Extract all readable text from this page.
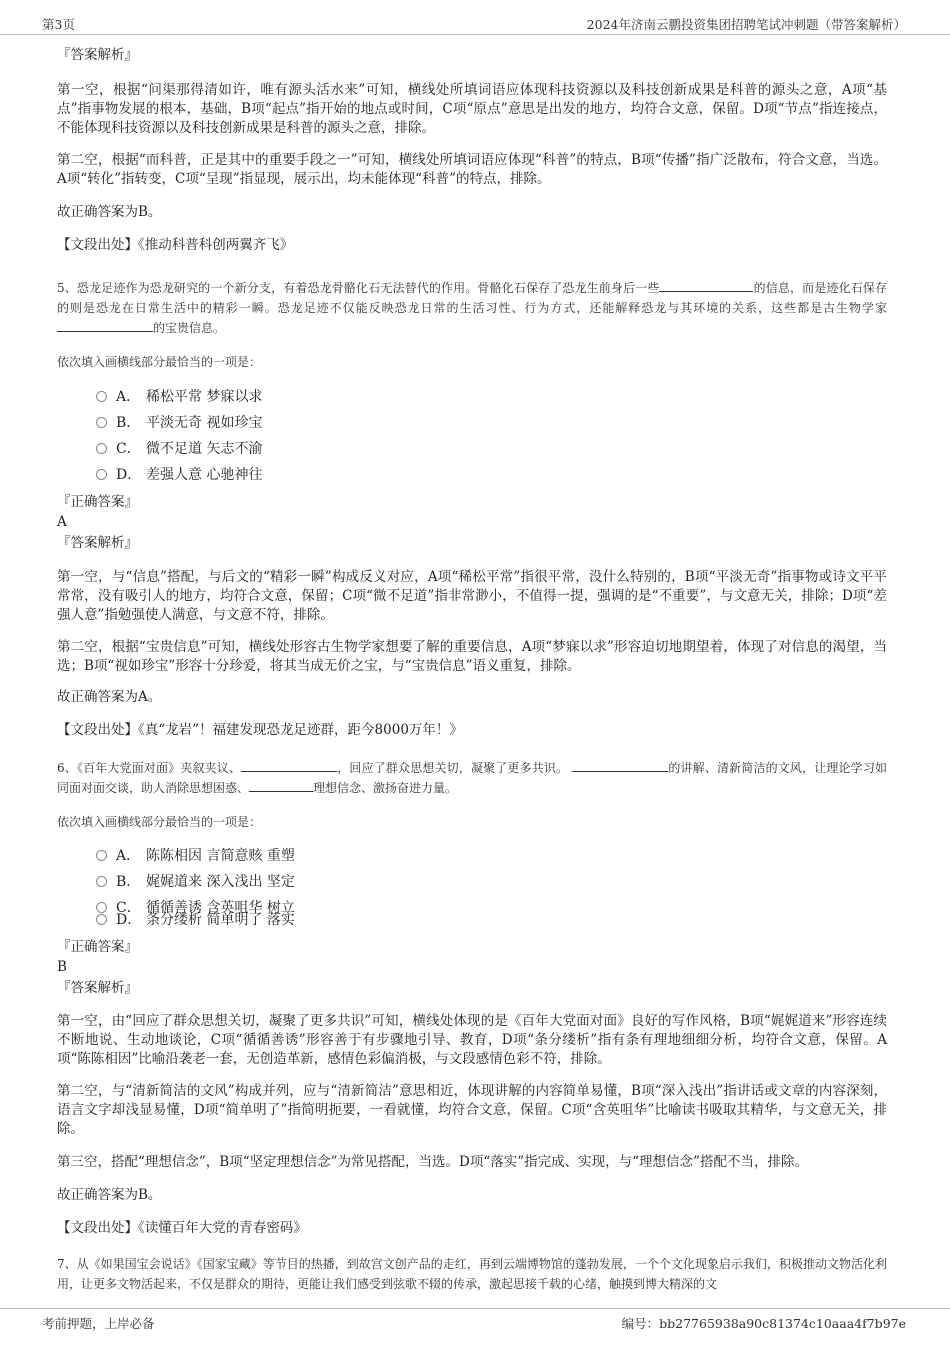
第3页	2024年济南云鹏投资集团招聘笔试冲刺题（带答案解析）
『答案解析』
第一空，根据“问渠那得清如许，唯有源头活水来”可知，横线处所填词语应体现科技资源以及科技创新成果是科普的源头之意，A项“基点”指事物发展的根本，基础，B项“起点”指开始的地点或时间，C项“原点”意思是出发的地方，均符合文意，保留。D项“节点”指连接点，不能体现科技资源以及科技创新成果是科普的源头之意，排除。
第二空，根据“而科普，正是其中的重要手段之一”可知，横线处所填词语应体现“科普”的特点，B项“传播”指广泛散布，符合文意，当选。A项“转化”指转变，C项“呈现”指显现，展示出，均未能体现“科普”的特点，排除。
故正确答案为B。
【文段出处】《推动科普科创两翼齐飞》
5、恐龙足迹作为恐龙研究的一个新分支，有着恐龙骨骼化石无法替代的作用。骨骼化石保存了恐龙生前身后一些	的信息，而是迹化石保存的则是恐龙在日常生活中的精彩一瞬。恐龙足迹不仅能反映恐龙日常的生活习性、行为方式，还能解释恐龙与其环境的关系，这些都是古生物学家的宝贵信息。
依次填入画横线部分最恰当的一项是：
A． 稀松平常 梦寐以求
B． 平淡无奇 视如珍宝
C． 微不足道 矢志不渝
D． 差强人意 心驰神往
『正确答案』
A
『答案解析』
第一空，与“信息”搭配，与后文的“精彩一瞬”构成反义对应，A项“稀松平常”指很平常，没什么特别的，B项“平淡无奇”指事物或诗文平平常常，没有吸引人的地方，均符合文意，保留；C项“微不足道”指非常渺小，不值得一提，强调的是“不重要”，与文意无关，排除；D项“差强人意”指勉强使人满意，与文意不符，排除。
第二空，根据“宝贵信息”可知，横线处形容古生物学家想要了解的重要信息，A项“梦寐以求”形容迫切地期望着，体现了对信息的渴望，当选；B项“视如珍宝”形容十分珍爱，将其当成无价之宝，与“宝贵信息”语义重复，排除。
故正确答案为A。
【文段出处】《真“龙岩”！福建发现恐龙足迹群，距今8000万年！》
6、《百年大党面对面》夹叙夹议、	，回应了群众思想关切，凝聚了更多共识。	的讲解、清新简洁的文风，让理论学习如同面对面交谈，助人消除思想困惑、	理想信念、激扬奋进力量。
依次填入画横线部分最恰当的一项是：
A． 陈陈相因 言简意赅 重塑
B． 娓娓道来 深入浅出 坚定
C． 循循善诱 含英咀华 树立
D． 条分缕析 简单明了 落实
『正确答案』
B
『答案解析』
第一空，由“回应了群众思想关切，凝聚了更多共识”可知，横线处体现的是《百年大党面对面》良好的写作风格，B项“娓娓道来”形容连续不断地说、生动地谈论，C项“循循善诱”形容善于有步骤地引导、教育，D项“条分缕析”指有条有理地细细分析，均符合文意，保留。A项“陈陈相因”比喻沿袭老一套，无创造革新，感情色彩偏消极，与文段感情色彩不符，排除。
第二空，与“清新简洁的文风”构成并列，应与“清新简洁”意思相近，体现讲解的内容简单易懂，B项“深入浅出”指讲话或文章的内容深刻，语言文字却浅显易懂，D项“简单明了”指简明扼要，一看就懂，均符合文意，保留。C项“含英咀华”比喻读书吸取其精华，与文意无关，排除。
第三空，搭配“理想信念”，B项“坚定理想信念”为常见搭配，当选。D项“落实”指完成、实现，与“理想信念”搭配不当，排除。
故正确答案为B。
【文段出处】《读懂百年大党的青春密码》
7、从《如果国宝会说话》《国家宝藏》等节目的热播，到故宫文创产品的走红，再到云端博物馆的蓬勃发展，一个个文化现象启示我们，积极推动文物活化利用，让更多文物活起来，不仅是群众的期待，更能让我们感受到弦歌不辍的传承，激起思接千载的心绪，触摸到博大精深的文
考前押题，上岸必备	编号：bb27765938a90c81374c10aaa4f7b97e
